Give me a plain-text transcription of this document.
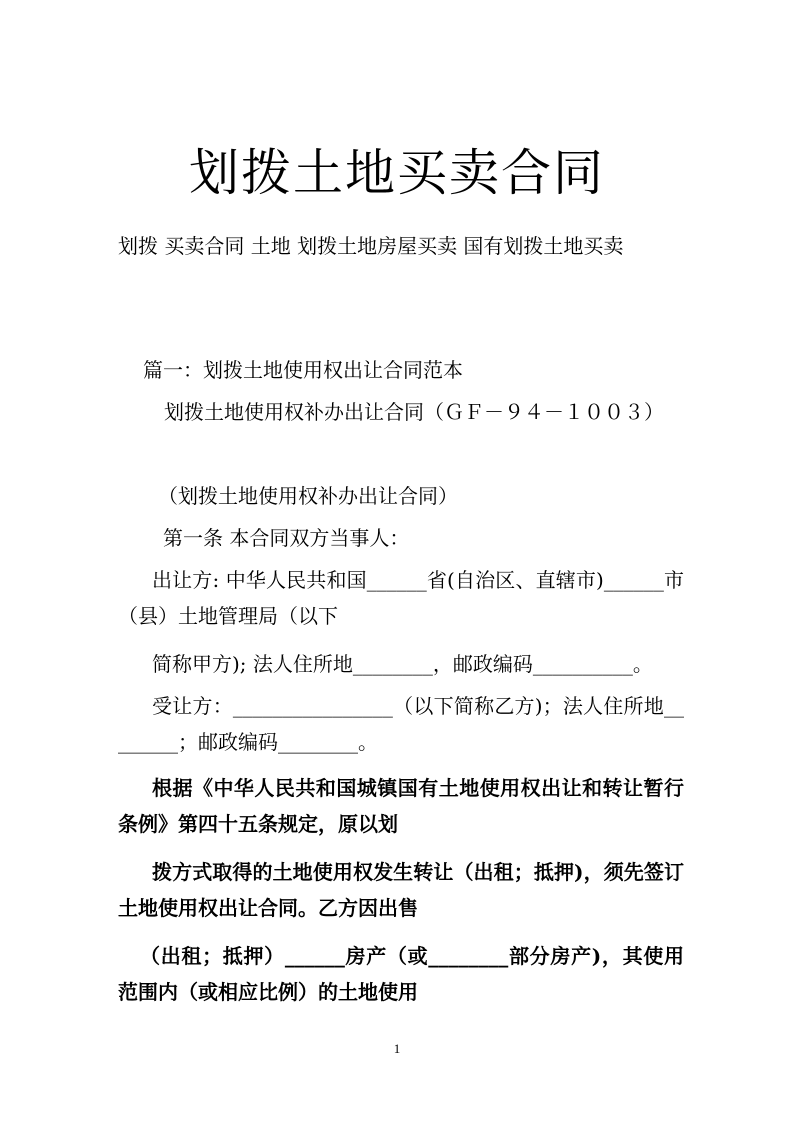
划拨土地买卖合同
划拨 买卖合同 土地 划拨土地房屋买卖 国有划拨土地买卖
篇一：划拨土地使用权出让合同范本
划拨土地使用权补办出让合同（ＧＦ－９４－１００３）
（划拨土地使用权补办出让合同）
第一条 本合同双方当事人：
出让方: 中华人民共和国______省(自治区、直辖市)______市（县）土地管理局（以下
简称甲方); 法人住所地________，邮政编码__________。
受让方：________________（以下简称乙方)；法人住所地________；邮政编码________。
根据《中华人民共和国城镇国有土地使用权出让和转让暂行条例》第四十五条规定，原以划
拨方式取得的土地使用权发生转让（出租；抵押)，须先签订土地使用权出让合同。乙方因出售
（出租；抵押）______房产（或________部分房产)，其使用范围内（或相应比例）的土地使用
1
